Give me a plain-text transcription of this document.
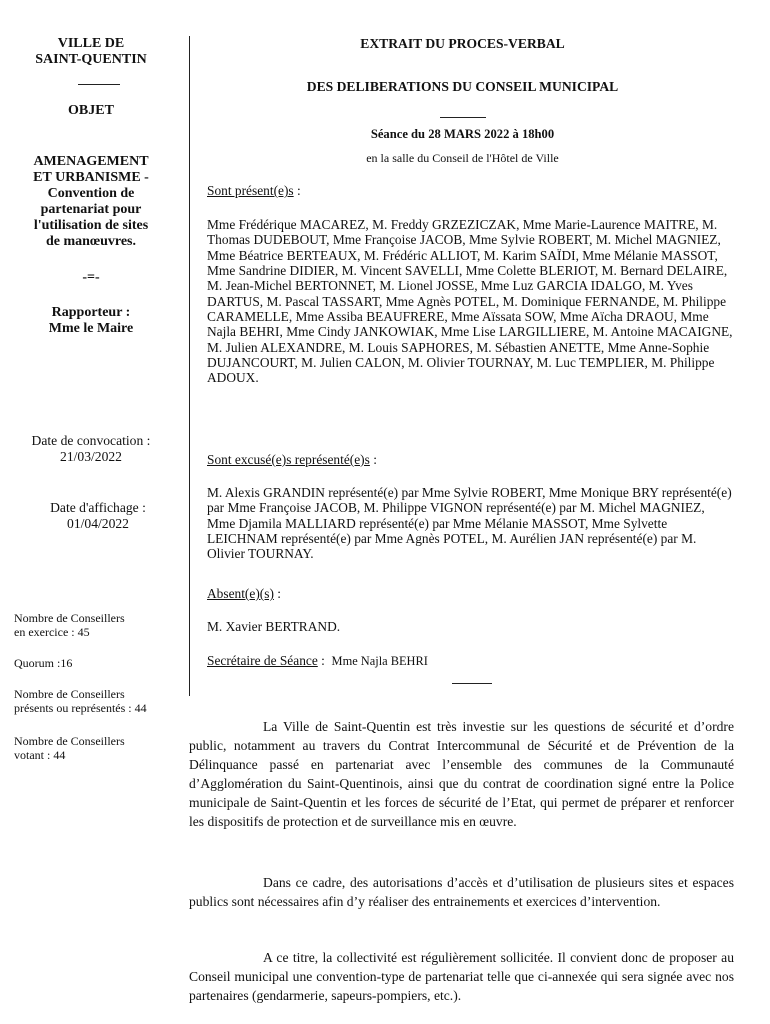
VILLE DE
SAINT-QUENTIN
OBJET
AMENAGEMENT
ET URBANISME -
Convention de
partenariat pour
l'utilisation de sites
de manœuvres.
-=-
Rapporteur :
Mme le Maire
Date de convocation :
21/03/2022
Date d'affichage :
01/04/2022
Nombre de Conseillers
en exercice : 45
Quorum :16
Nombre de Conseillers
présents ou représentés : 44
Nombre de Conseillers
votant : 44
EXTRAIT DU PROCES-VERBAL
DES DELIBERATIONS DU CONSEIL MUNICIPAL
Séance du 28 MARS 2022 à 18h00
en la salle du Conseil de l'Hôtel de Ville
Sont présent(e)s :
Mme Frédérique MACAREZ, M. Freddy GRZEZICZAK, Mme Marie-Laurence MAITRE, M. Thomas DUDEBOUT, Mme Françoise JACOB, Mme Sylvie ROBERT, M. Michel MAGNIEZ, Mme Béatrice BERTEAUX, M. Frédéric ALLIOT, M. Karim SAÏDI, Mme Mélanie MASSOT, Mme Sandrine DIDIER, M. Vincent SAVELLI, Mme Colette BLERIOT, M. Bernard DELAIRE, M. Jean-Michel BERTONNET, M. Lionel JOSSE, Mme Luz GARCIA IDALGO, M. Yves DARTUS, M. Pascal TASSART, Mme Agnès POTEL, M. Dominique FERNANDE, M. Philippe CARAMELLE, Mme Assiba BEAUFRERE, Mme Aïssata SOW, Mme Aïcha DRAOU, Mme Najla BEHRI, Mme Cindy JANKOWIAK, Mme Lise LARGILLIERE, M. Antoine MACAIGNE, M. Julien ALEXANDRE, M. Louis SAPHORES, M. Sébastien ANETTE, Mme Anne-Sophie DUJANCOURT, M. Julien CALON, M. Olivier TOURNAY, M. Luc TEMPLIER, M. Philippe ADOUX.
Sont excusé(e)s représenté(e)s :
M. Alexis GRANDIN représenté(e) par Mme Sylvie ROBERT, Mme Monique BRY représenté(e) par Mme Françoise JACOB, M. Philippe VIGNON représenté(e) par M. Michel MAGNIEZ, Mme Djamila MALLIARD représenté(e) par Mme Mélanie MASSOT, Mme Sylvette LEICHNAM représenté(e) par Mme Agnès POTEL, M. Aurélien JAN représenté(e) par M. Olivier TOURNAY.
Absent(e)(s) :
M. Xavier BERTRAND.
Secrétaire de Séance :  Mme Najla BEHRI
La Ville de Saint-Quentin est très investie sur les questions de sécurité et d’ordre public, notamment au travers du Contrat Intercommunal de Sécurité et de Prévention de la Délinquance passé en partenariat avec l’ensemble des communes de la Communauté d’Agglomération du Saint-Quentinois, ainsi que du contrat de coordination signé entre la Police municipale de Saint-Quentin et les forces de sécurité de l’Etat, qui permet de préparer et renforcer les dispositifs de protection et de surveillance mis en œuvre.
Dans ce cadre, des autorisations d’accès et d’utilisation de plusieurs sites et espaces publics sont nécessaires afin d’y réaliser des entrainements et exercices d’intervention.
A ce titre, la collectivité est régulièrement sollicitée. Il convient donc de proposer au Conseil municipal une convention-type de partenariat telle que ci-annexée qui sera signée avec nos partenaires (gendarmerie, sapeurs-pompiers, etc.).
